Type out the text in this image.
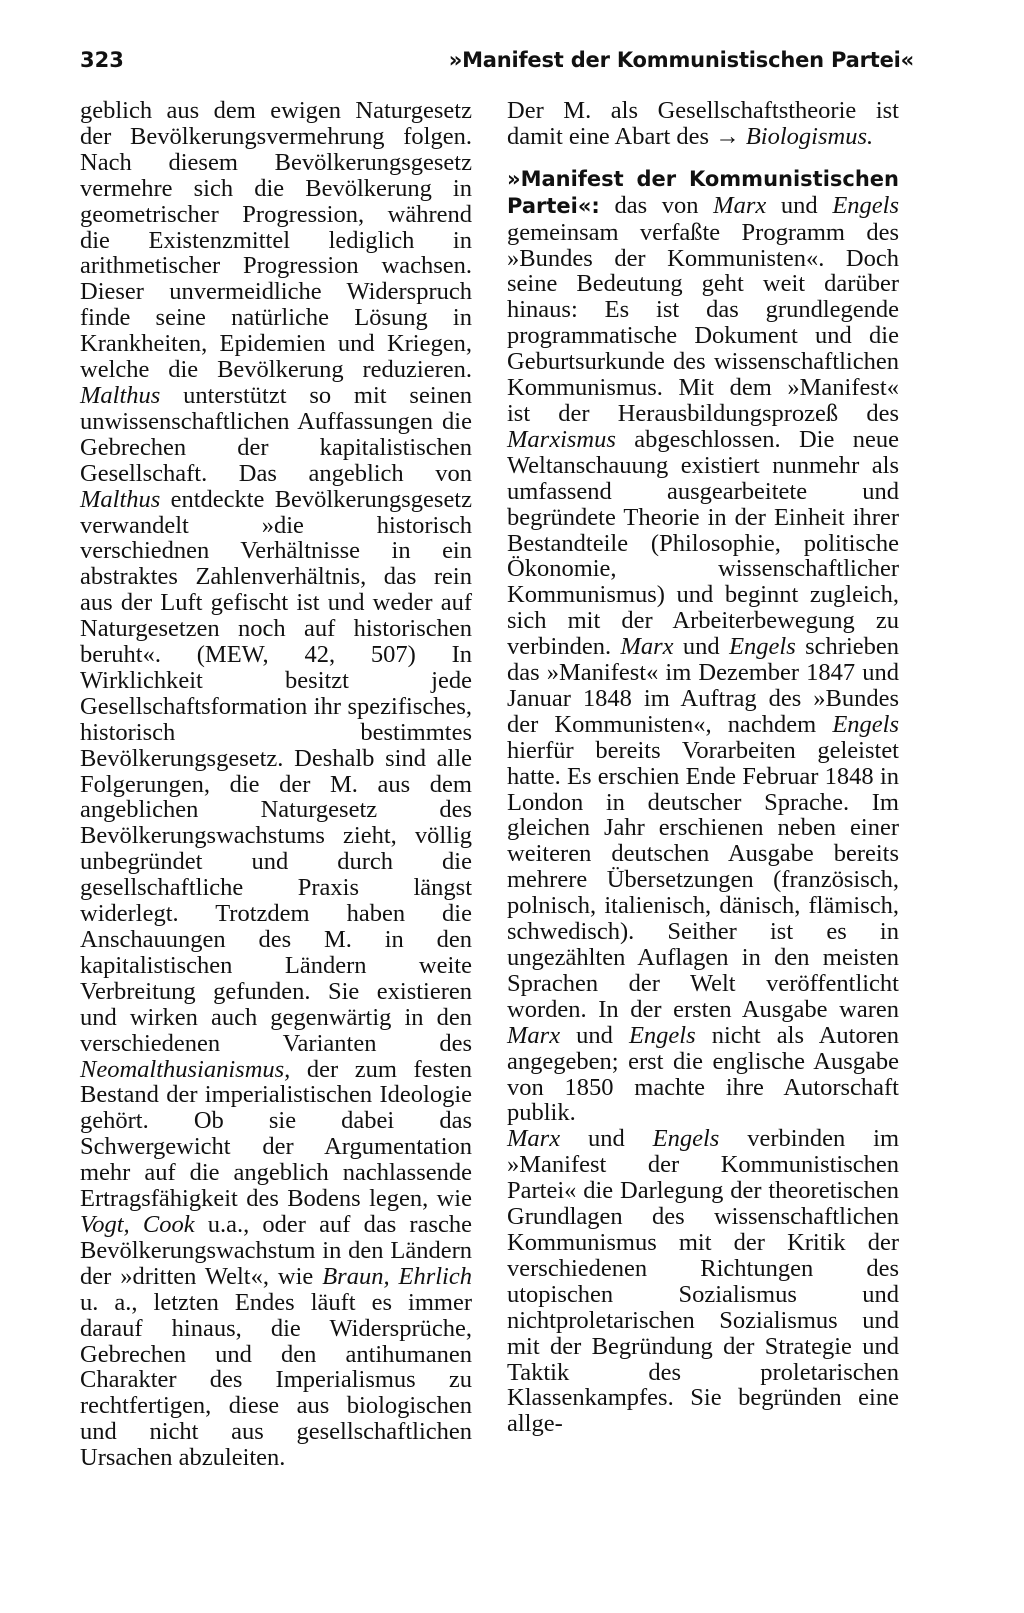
323	»Manifest der Kommunistischen Partei«

geblich aus dem ewigen Naturgesetz der Bevölkerungsvermehrung folgen. Nach diesem Bevölkerungsgesetz vermehre sich die Bevölkerung in geometrischer Progression, während die Existenzmittel lediglich in arithmetischer Progression wachsen. Dieser unvermeidliche Widerspruch finde seine natürliche Lösung in Krankheiten, Epidemien und Kriegen, welche die Bevölkerung reduzieren. Malthus unterstützt so mit seinen unwissenschaftlichen Auffassungen die Gebrechen der kapitalistischen Gesellschaft. Das angeblich von Malthus entdeckte Bevölkerungsgesetz verwandelt »die historisch verschiednen Verhältnisse in ein abstraktes Zahlenverhältnis, das rein aus der Luft gefischt ist und weder auf Naturgesetzen noch auf historischen beruht«. (MEW, 42, 507) In Wirklichkeit besitzt jede Gesellschaftsformation ihr spezifisches, historisch bestimmtes Bevölkerungsgesetz. Deshalb sind alle Folgerungen, die der M. aus dem angeblichen Naturgesetz des Bevölkerungswachstums zieht, völlig unbegründet und durch die gesellschaftliche Praxis längst widerlegt. Trotzdem haben die Anschauungen des M. in den kapitalistischen Ländern weite Verbreitung gefunden. Sie existieren und wirken auch gegenwärtig in den verschiedenen Varianten des Neomalthusianismus, der zum festen Bestand der imperialistischen Ideologie gehört. Ob sie dabei das Schwergewicht der Argumentation mehr auf die angeblich nachlassende Ertragsfähigkeit des Bodens legen, wie Vogt, Cook u.a., oder auf das rasche Bevölkerungswachstum in den Ländern der »dritten Welt«, wie Braun, Ehrlich u. a., letzten Endes läuft es immer darauf hinaus, die Widersprüche, Gebrechen und den antihumanen Charakter des Imperialismus zu rechtfertigen, diese aus biologischen und nicht aus gesellschaftlichen Ursachen abzuleiten.

Der M. als Gesellschaftstheorie ist damit eine Abart des → Biologismus.

»Manifest der Kommunistischen Partei«: das von Marx und Engels gemeinsam verfaßte Programm des »Bundes der Kommunisten«. Doch seine Bedeutung geht weit darüber hinaus: Es ist das grundlegende programmatische Dokument und die Geburtsurkunde des wissenschaftlichen Kommunismus. Mit dem »Manifest« ist der Herausbildungsprozeß des Marxismus abgeschlossen. Die neue Weltanschauung existiert nunmehr als umfassend ausgearbeitete und begründete Theorie in der Einheit ihrer Bestandteile (Philosophie, politische Ökonomie, wissenschaftlicher Kommunismus) und beginnt zugleich, sich mit der Arbeiterbewegung zu verbinden. Marx und Engels schrieben das »Manifest« im Dezember 1847 und Januar 1848 im Auftrag des »Bundes der Kommunisten«, nachdem Engels hierfür bereits Vorarbeiten geleistet hatte. Es erschien Ende Februar 1848 in London in deutscher Sprache. Im gleichen Jahr erschienen neben einer weiteren deutschen Ausgabe bereits mehrere Übersetzungen (französisch, polnisch, italienisch, dänisch, flämisch, schwedisch). Seither ist es in ungezählten Auflagen in den meisten Sprachen der Welt veröffentlicht worden. In der ersten Ausgabe waren Marx und Engels nicht als Autoren angegeben; erst die englische Ausgabe von 1850 machte ihre Autorschaft publik.

Marx und Engels verbinden im »Manifest der Kommunistischen Partei« die Darlegung der theoretischen Grundlagen des wissenschaftlichen Kommunismus mit der Kritik der verschiedenen Richtungen des utopischen Sozialismus und nichtproletarischen Sozialismus und mit der Begründung der Strategie und Taktik des proletarischen Klassenkampfes. Sie begründen eine allge-
